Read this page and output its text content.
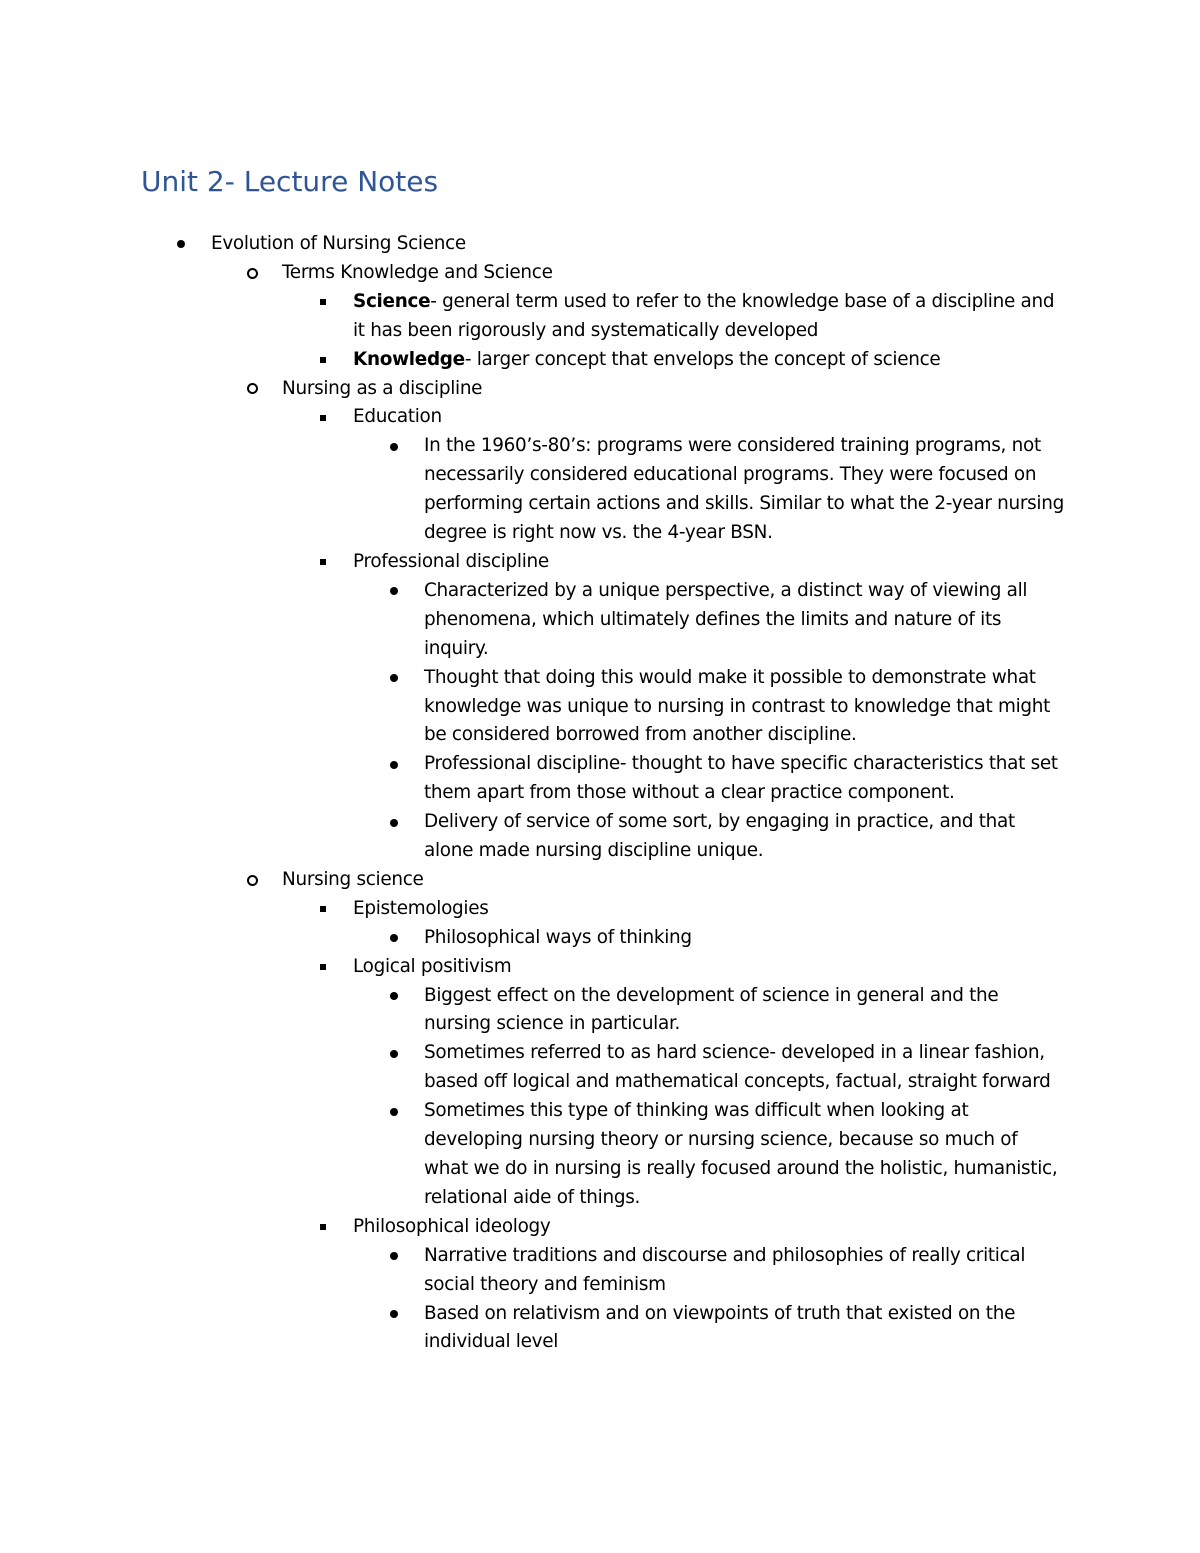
Unit 2- Lecture Notes
Evolution of Nursing Science
Terms Knowledge and Science
Science- general term used to refer to the knowledge base of a discipline and it has been rigorously and systematically developed
Knowledge- larger concept that envelops the concept of science
Nursing as a discipline
Education
In the 1960’s-80’s: programs were considered training programs, not necessarily considered educational programs. They were focused on performing certain actions and skills. Similar to what the 2-year nursing degree is right now vs. the 4-year BSN.
Professional discipline
Characterized by a unique perspective, a distinct way of viewing all phenomena, which ultimately defines the limits and nature of its inquiry.
Thought that doing this would make it possible to demonstrate what knowledge was unique to nursing in contrast to knowledge that might be considered borrowed from another discipline.
Professional discipline- thought to have specific characteristics that set them apart from those without a clear practice component.
Delivery of service of some sort, by engaging in practice, and that alone made nursing discipline unique.
Nursing science
Epistemologies
Philosophical ways of thinking
Logical positivism
Biggest effect on the development of science in general and the nursing science in particular.
Sometimes referred to as hard science- developed in a linear fashion, based off logical and mathematical concepts, factual, straight forward
Sometimes this type of thinking was difficult when looking at developing nursing theory or nursing science, because so much of what we do in nursing is really focused around the holistic, humanistic, relational aide of things.
Philosophical ideology
Narrative traditions and discourse and philosophies of really critical social theory and feminism
Based on relativism and on viewpoints of truth that existed on the individual level
